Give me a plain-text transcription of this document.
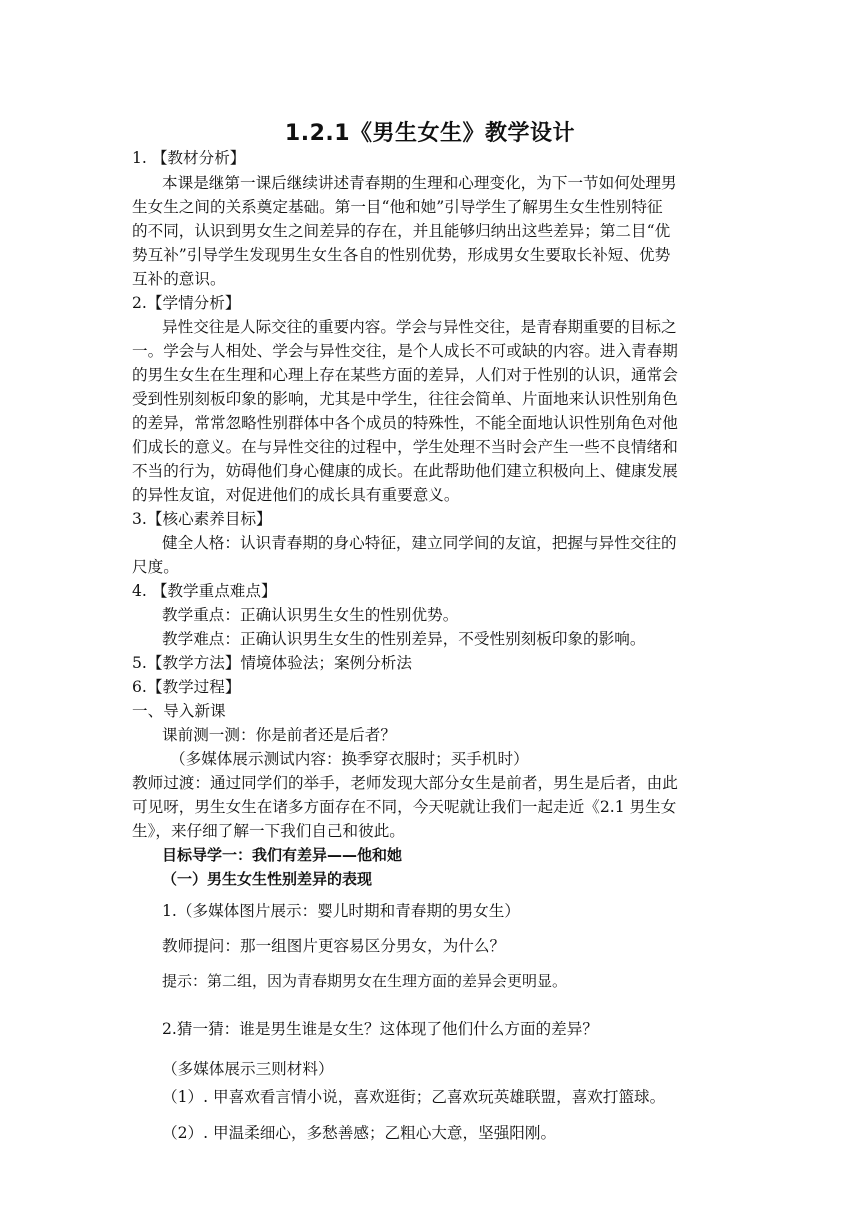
1.2.1《男生女生》教学设计
1. 【教材分析】
本课是继第一课后继续讲述青春期的生理和心理变化，为下一节如何处理男
生女生之间的关系奠定基础。第一目“他和她”引导学生了解男生女生性别特征
的不同，认识到男女生之间差异的存在，并且能够归纳出这些差异；第二目“优
势互补”引导学生发现男生女生各自的性别优势，形成男女生要取长补短、优势
互补的意识。
2.【学情分析】
异性交往是人际交往的重要内容。学会与异性交往，是青春期重要的目标之
一。学会与人相处、学会与异性交往，是个人成长不可或缺的内容。进入青春期
的男生女生在生理和心理上存在某些方面的差异，人们对于性别的认识，通常会
受到性别刻板印象的影响，尤其是中学生，往往会简单、片面地来认识性别角色
的差异，常常忽略性别群体中各个成员的特殊性，不能全面地认识性别角色对他
们成长的意义。在与异性交往的过程中，学生处理不当时会产生一些不良情绪和
不当的行为，妨碍他们身心健康的成长。在此帮助他们建立积极向上、健康发展
的异性友谊，对促进他们的成长具有重要意义。
3.【核心素养目标】
健全人格：认识青春期的身心特征，建立同学间的友谊，把握与异性交往的
尺度。
4. 【教学重点难点】
教学重点：正确认识男生女生的性别优势。
教学难点：正确认识男生女生的性别差异，不受性别刻板印象的影响。
5.【教学方法】情境体验法；案例分析法
6.【教学过程】
一、导入新课
课前测一测：你是前者还是后者？
（多媒体展示测试内容：换季穿衣服时；买手机时）
教师过渡：通过同学们的举手，老师发现大部分女生是前者，男生是后者，由此
可见呀，男生女生在诸多方面存在不同，今天呢就让我们一起走近《2.1 男生女
生》，来仔细了解一下我们自己和彼此。
目标导学一：我们有差异——他和她
（一）男生女生性别差异的表现
1.（多媒体图片展示：婴儿时期和青春期的男女生）
教师提问：那一组图片更容易区分男女，为什么？
提示：第二组，因为青春期男女在生理方面的差异会更明显。
2.猜一猜：谁是男生谁是女生？这体现了他们什么方面的差异？
（多媒体展示三则材料）
（1）. 甲喜欢看言情小说，喜欢逛街；乙喜欢玩英雄联盟，喜欢打篮球。
（2）. 甲温柔细心，多愁善感；乙粗心大意，坚强阳刚。
